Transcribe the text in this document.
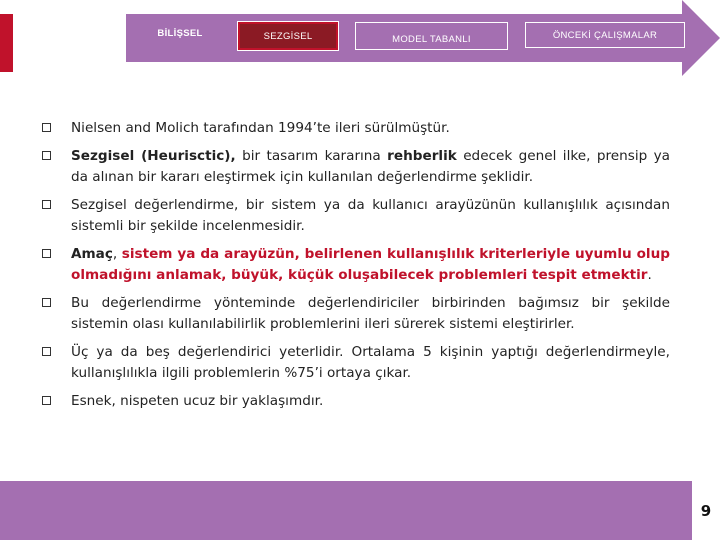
BİLİŞSEL	SEZGİSEL	MODEL TABANLI	ÖNCEKİ ÇALIŞMALAR
Nielsen and Molich tarafından 1994’te ileri sürülmüştür.
Sezgisel (Heurisctic), bir tasarım kararına rehberlik edecek genel ilke, prensip ya da alınan bir kararı eleştirmek için kullanılan değerlendirme şeklidir.
Sezgisel değerlendirme, bir sistem ya da kullanıcı arayüzünün kullanışlılık açısından sistemli bir şekilde incelenmesidir.
Amaç, sistem ya da arayüzün, belirlenen kullanışlılık kriterleriyle uyumlu olup olmadığını anlamak, büyük, küçük oluşabilecek problemleri tespit etmektir.
Bu değerlendirme yönteminde değerlendiriciler birbirinden bağımsız bir şekilde sistemin olası kullanılabilirlik problemlerini ileri sürerek sistemi eleştirirler.
Üç ya da beş değerlendirici yeterlidir. Ortalama 5 kişinin yaptığı değerlendirmeyle, kullanışlılıkla ilgili problemlerin %75’i ortaya çıkar.
Esnek, nispeten ucuz bir yaklaşımdır.
9
